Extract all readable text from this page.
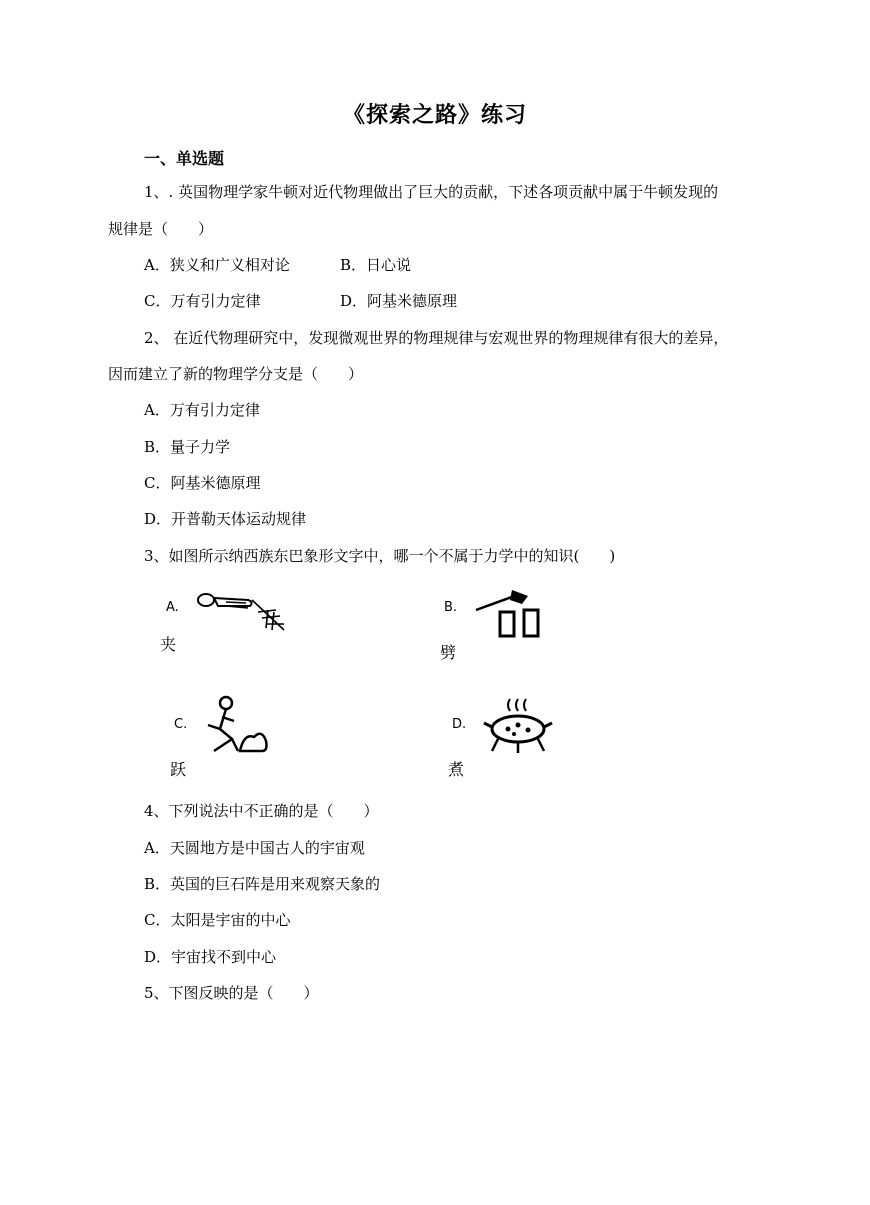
《探索之路》练习
一、单选题
1、. 英国物理学家牛顿对近代物理做出了巨大的贡献，下述各项贡献中属于牛顿发现的
规律是（　　）
A．狭义和广义相对论	B．日心说
C．万有引力定律	D．阿基米德原理
2、 在近代物理研究中，发现微观世界的物理规律与宏观世界的物理规律有很大的差异，
因而建立了新的物理学分支是（　　）
A．万有引力定律
B．量子力学
C．阿基米德原理
D．开普勒天体运动规律
3、如图所示纳西族东巴象形文字中，哪一个不属于力学中的知识(　　)
A.
夹
B.
劈
C.
跃
D.
煮
4、下列说法中不正确的是（　　）
A．天圆地方是中国古人的宇宙观
B．英国的巨石阵是用来观察天象的
C．太阳是宇宙的中心
D．宇宙找不到中心
5、下图反映的是（　　）
